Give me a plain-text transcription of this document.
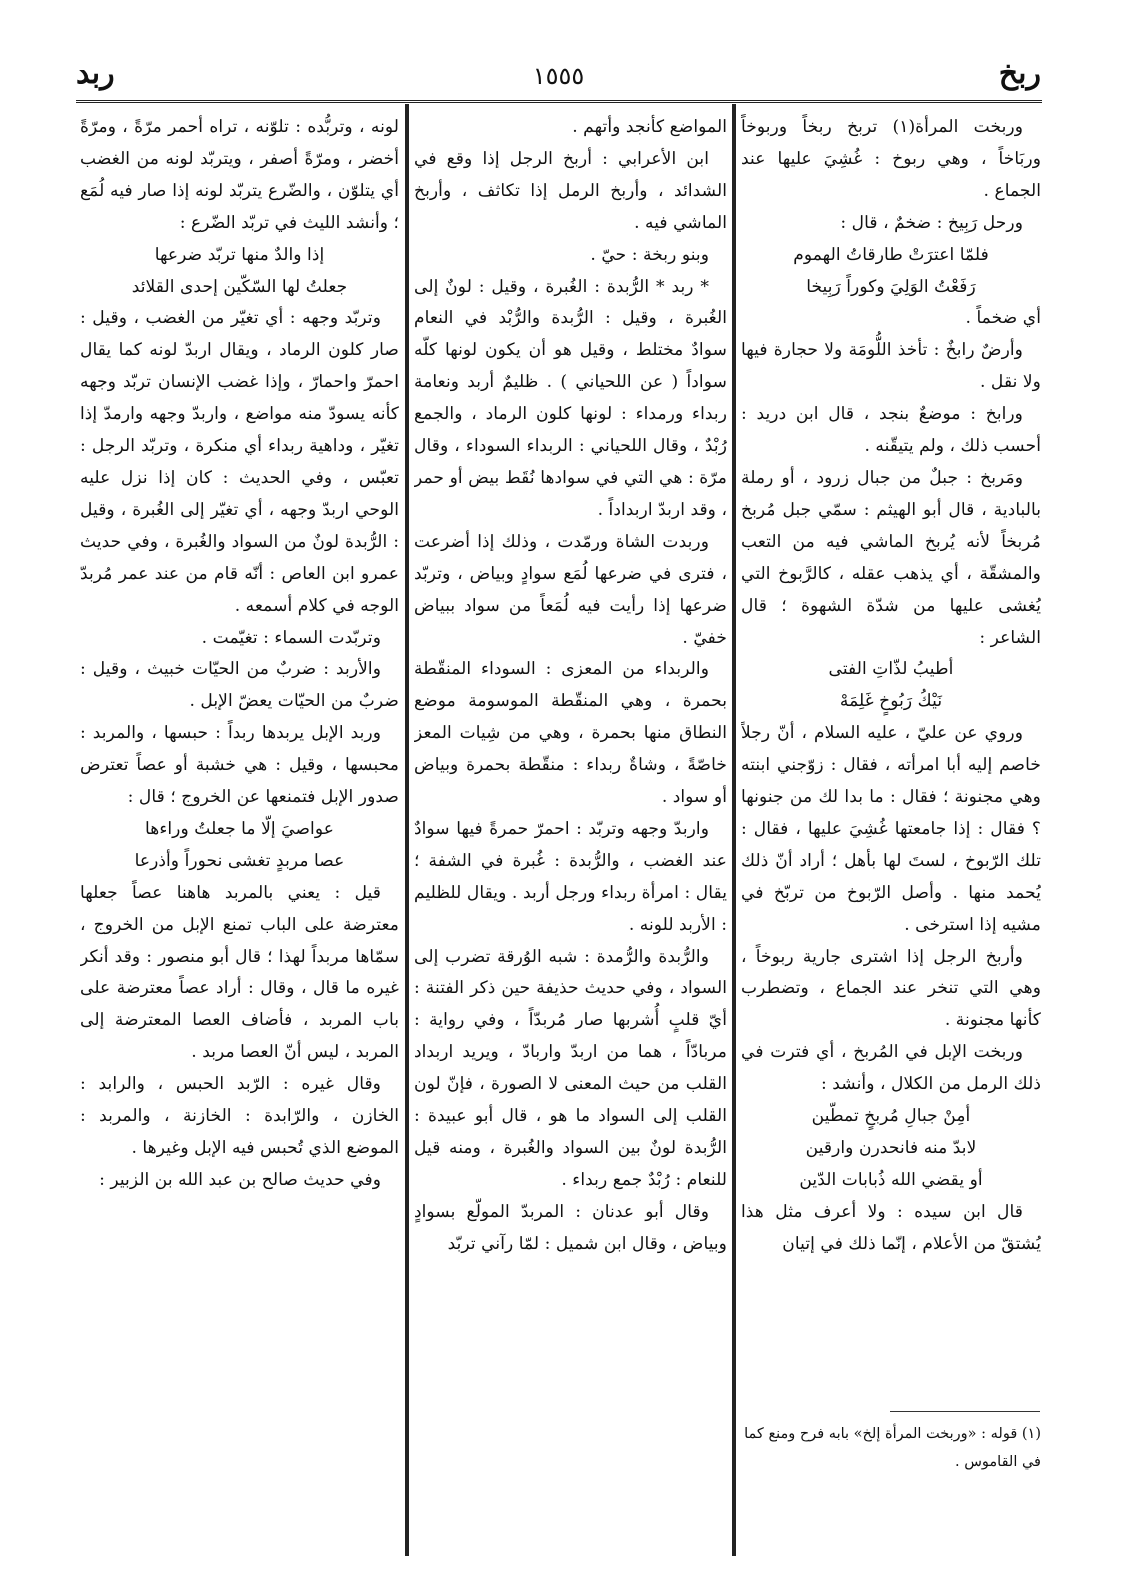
ربخ
١٥٥٥
ربد

وربخت المرأة(١) تربخ ربخاً وربوخاً وربَاخاً ، وهي ربوخ : غُشِيَ عليها عند الجماع .

ورحل رَبِيخ : ضخمٌ ، قال :

فلمّا اعترَتْ طارقاتُ الهموم

رَفَعْتُ الوَلِيَ وكوراً رَبِيخا

أي ضخماً .

وأرضٌ رابخٌ : تأخذ اللُّومَة ولا حجارة فيها ولا نقل .

ورابخ : موضعٌ بنجد ، قال ابن دريد : أحسب ذلك ، ولم يتيقّنه .

ومَربخ : جبلٌ من جبال زرود ، أو رملة بالبادية ، قال أبو الهيثم : سمّي جبل مُربخ مُربخاً لأنه يُربخ الماشي فيه من التعب والمشقّة ، أي يذهب عقله ، كالرَّبوخ التي يُغشى عليها من شدّة الشهوة ؛ قال الشاعر :

أطيبُ لذّاتِ الفتى

نَيْكُ رَبُوخٍ غَلِمَهْ

وروي عن عليّ ، عليه السلام ، أنّ رجلاً خاصم إليه أبا امرأته ، فقال : زوّجني ابنته وهي مجنونة ؛ فقال : ما بدا لك من جنونها ؟ فقال : إذا جامعتها غُشِيَ عليها ، فقال : تلك الرّبوخ ، لستَ لها بأهل ؛ أراد أنّ ذلك يُحمد منها . وأصل الرّبوخ من تربّخ في مشيه إذا استرخى .

وأربخ الرجل إذا اشترى جارية ربوخاً ، وهي التي تنخر عند الجماع ، وتضطرب كأنها مجنونة .

وربخت الإبل في المُربخ ، أي فترت في ذلك الرمل من الكلال ، وأنشد :

أمِنْ جبالِ مُربخٍ تمطّين

لابدّ منه فانحدرن وارقين

أو يقضي الله ذُبابات الدّين

قال ابن سيده : ولا أعرف مثل هذا يُشتقّ من الأعلام ، إنّما ذلك في إتيان

المواضع كأنجد وأتهم .

ابن الأعرابي : أربخ الرجل إذا وقع في الشدائد ، وأربخ الرمل إذا تكاثف ، وأربخ الماشي فيه .

وبنو ربخة : حيّ .

* ربد * الرُّبدة : الغُبرة ، وقيل : لونٌ إلى الغُبرة ، وقيل : الرُّبدة والرُّبْد في النعام سوادٌ مختلط ، وقيل هو أن يكون لونها كلّه سواداً ( عن اللحياني ) . ظليمٌ أربد ونعامة ربداء ورمداء : لونها كلون الرماد ، والجمع رُبْدٌ ، وقال اللحياني : الربداء السوداء ، وقال مرّة : هي التي في سوادها نُقَط بيض أو حمر ، وقد اربدّ اربداداً .

وربدت الشاة ورمّدت ، وذلك إذا أضرعت ، فترى في ضرعها لُمَع سوادٍ وبياض ، وتربّد ضرعها إذا رأيت فيه لُمَعاً من سواد ببياض خفيّ .

والربداء من المعزى : السوداء المنقّطة بحمرة ، وهي المنقّطة الموسومة موضع النطاق منها بحمرة ، وهي من شِيات المعز خاصّةً ، وشاةٌ ربداء : منقّطة بحمرة وبياض أو سواد .

واربدّ وجهه وتربّد : احمرّ حمرةً فيها سوادٌ عند الغضب ، والرُّبدة : غُبرة في الشفة ؛ يقال : امرأة ربداء ورجل أربد . ويقال للظليم : الأربد للونه .

والرُّبدة والرُّمدة : شبه الوُرقة تضرب إلى السواد ، وفي حديث حذيفة حين ذكر الفتنة : أيّ قلبٍ أُشربها صار مُربدّاً ، وفي رواية : مربادّاً ، هما من اربدّ واربادّ ، ويريد اربداد القلب من حيث المعنى لا الصورة ، فإنّ لون القلب إلى السواد ما هو ، قال أبو عبيدة : الرُّبدة لونٌ بين السواد والغُبرة ، ومنه قيل للنعام : رُبْدٌ جمع ربداء .

وقال أبو عدنان : المربدّ المولّع بسوادٍ وبياض ، وقال ابن شميل : لمّا رآني تربّد

لونه ، وتربُّده : تلوّنه ، تراه أحمر مرّةً ، ومرّةً أخضر ، ومرّةً أصفر ، ويتربّد لونه من الغضب أي يتلوّن ، والضّرع يتربّد لونه إذا صار فيه لُمَع ؛ وأنشد الليث في تربّد الضّرع :

إذا والدٌ منها تربّد ضرعها

جعلتُ لها السّكّين إحدى القلائد

وتربّد وجهه : أي تغيّر من الغضب ، وقيل : صار كلون الرماد ، ويقال اربدّ لونه كما يقال احمرّ واحمارّ ، وإذا غضب الإنسان تربّد وجهه كأنه يسودّ منه مواضع ، واربدّ وجهه وارمدّ إذا تغيّر ، وداهية ربداء أي منكرة ، وتربّد الرجل : تعبّس ، وفي الحديث : كان إذا نزل عليه الوحي اربدّ وجهه ، أي تغيّر إلى الغُبرة ، وقيل : الرُّبدة لونٌ من السواد والغُبرة ، وفي حديث عمرو ابن العاص : أنّه قام من عند عمر مُربدّ الوجه في كلام أسمعه .

وتربّدت السماء : تغيّمت .

والأربد : ضربٌ من الحيّات خبيث ، وقيل : ضربٌ من الحيّات يعضّ الإبل .

وربد الإبل يربدها ربداً : حبسها ، والمربد : محبسها ، وقيل : هي خشبة أو عصاً تعترض صدور الإبل فتمنعها عن الخروج ؛ قال :

عواصيَ إلّا ما جعلتُ وراءها

عصا مربدٍ تغشى نحوراً وأذرعا

قيل : يعني بالمربد هاهنا عصاً جعلها معترضة على الباب تمنع الإبل من الخروج ، سمّاها مربداً لهذا ؛ قال أبو منصور : وقد أنكر غيره ما قال ، وقال : أراد عصاً معترضة على باب المربد ، فأضاف العصا المعترضة إلى المربد ، ليس أنّ العصا مربد .

وقال غيره : الرّبد الحبس ، والرابد : الخازن ، والرّابدة : الخازنة ، والمربد : الموضع الذي تُحبس فيه الإبل وغيرها .

وفي حديث صالح بن عبد الله بن الزبير :

(١) قوله : «وربخت المرأة إلخ» بابه فرح ومنع كما في القاموس .
